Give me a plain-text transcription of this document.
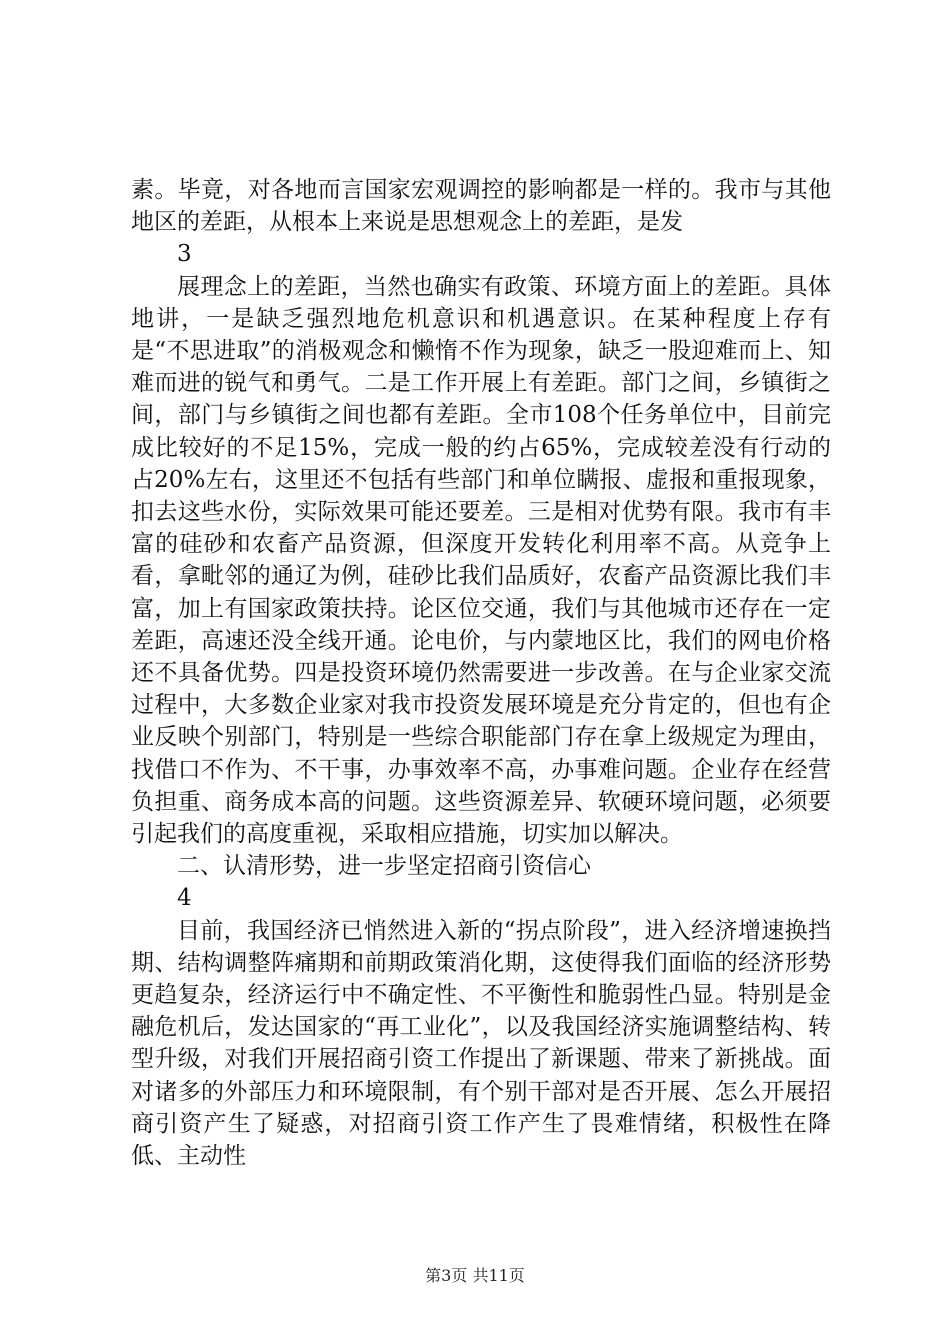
素。毕竟，对各地而言国家宏观调控的影响都是一样的。我市与其他地区的差距，从根本上来说是思想观念上的差距，是发

3

展理念上的差距，当然也确实有政策、环境方面上的差距。具体地讲，一是缺乏强烈地危机意识和机遇意识。在某种程度上存有是“不思进取”的消极观念和懒惰不作为现象，缺乏一股迎难而上、知难而进的锐气和勇气。二是工作开展上有差距。部门之间，乡镇街之间，部门与乡镇街之间也都有差距。全市108个任务单位中，目前完成比较好的不足15%，完成一般的约占65%，完成较差没有行动的占20%左右，这里还不包括有些部门和单位瞒报、虚报和重报现象，扣去这些水份，实际效果可能还要差。三是相对优势有限。我市有丰富的硅砂和农畜产品资源，但深度开发转化利用率不高。从竞争上看，拿毗邻的通辽为例，硅砂比我们品质好，农畜产品资源比我们丰富，加上有国家政策扶持。论区位交通，我们与其他城市还存在一定差距，高速还没全线开通。论电价，与内蒙地区比，我们的网电价格还不具备优势。四是投资环境仍然需要进一步改善。在与企业家交流过程中，大多数企业家对我市投资发展环境是充分肯定的，但也有企业反映个别部门，特别是一些综合职能部门存在拿上级规定为理由，找借口不作为、不干事，办事效率不高，办事难问题。企业存在经营负担重、商务成本高的问题。这些资源差异、软硬环境问题，必须要引起我们的高度重视，采取相应措施，切实加以解决。

二、认清形势，进一步坚定招商引资信心

4

目前，我国经济已悄然进入新的“拐点阶段”，进入经济增速换挡期、结构调整阵痛期和前期政策消化期，这使得我们面临的经济形势更趋复杂，经济运行中不确定性、不平衡性和脆弱性凸显。特别是金融危机后，发达国家的“再工业化”，以及我国经济实施调整结构、转型升级，对我们开展招商引资工作提出了新课题、带来了新挑战。面对诸多的外部压力和环境限制，有个别干部对是否开展、怎么开展招商引资产生了疑惑，对招商引资工作产生了畏难情绪，积极性在降低、主动性

第3页 共11页
